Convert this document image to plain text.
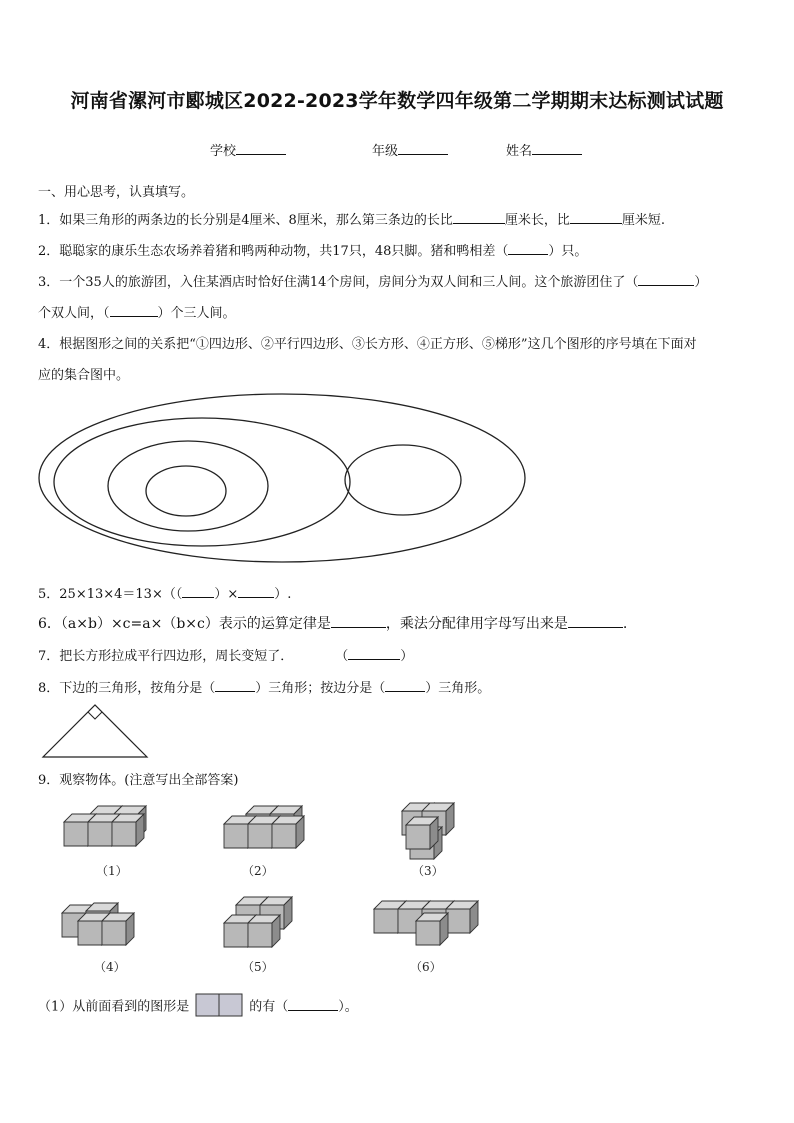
河南省漯河市郾城区2022-2023学年数学四年级第二学期期末达标测试试题
学校	年级	姓名
一、用心思考，认真填写。
1．如果三角形的两条边的长分别是4厘米、8厘米，那么第三条边的长比	厘米长，比	厘米短.
2．聪聪家的康乐生态农场养着猪和鸭两种动物，共17只，48只脚。猪和鸭相差（	）只。
3．一个35人的旅游团，入住某酒店时恰好住满14个房间，房间分为双人间和三人间。这个旅游团住了（	）
个双人间，（	）个三人间。
4．根据图形之间的关系把“①四边形、②平行四边形、③长方形、④正方形、⑤梯形”这几个图形的序号填在下面对
应的集合图中。
5．25×13×4＝13×（（ ）×	）.
6．（a×b）×c=a×（b×c）表示的运算定律是	，乘法分配律用字母写出来是	.
7．把长方形拉成平行四边形，周长变短了．	（	）
8．下边的三角形，按角分是（	）三角形；按边分是（	）三角形。
9．观察物体。(注意写出全部答案)
（1）	（2）	（3）
（4）	（5）	（6）
（1）从前面看到的图形是	的有（	）。
